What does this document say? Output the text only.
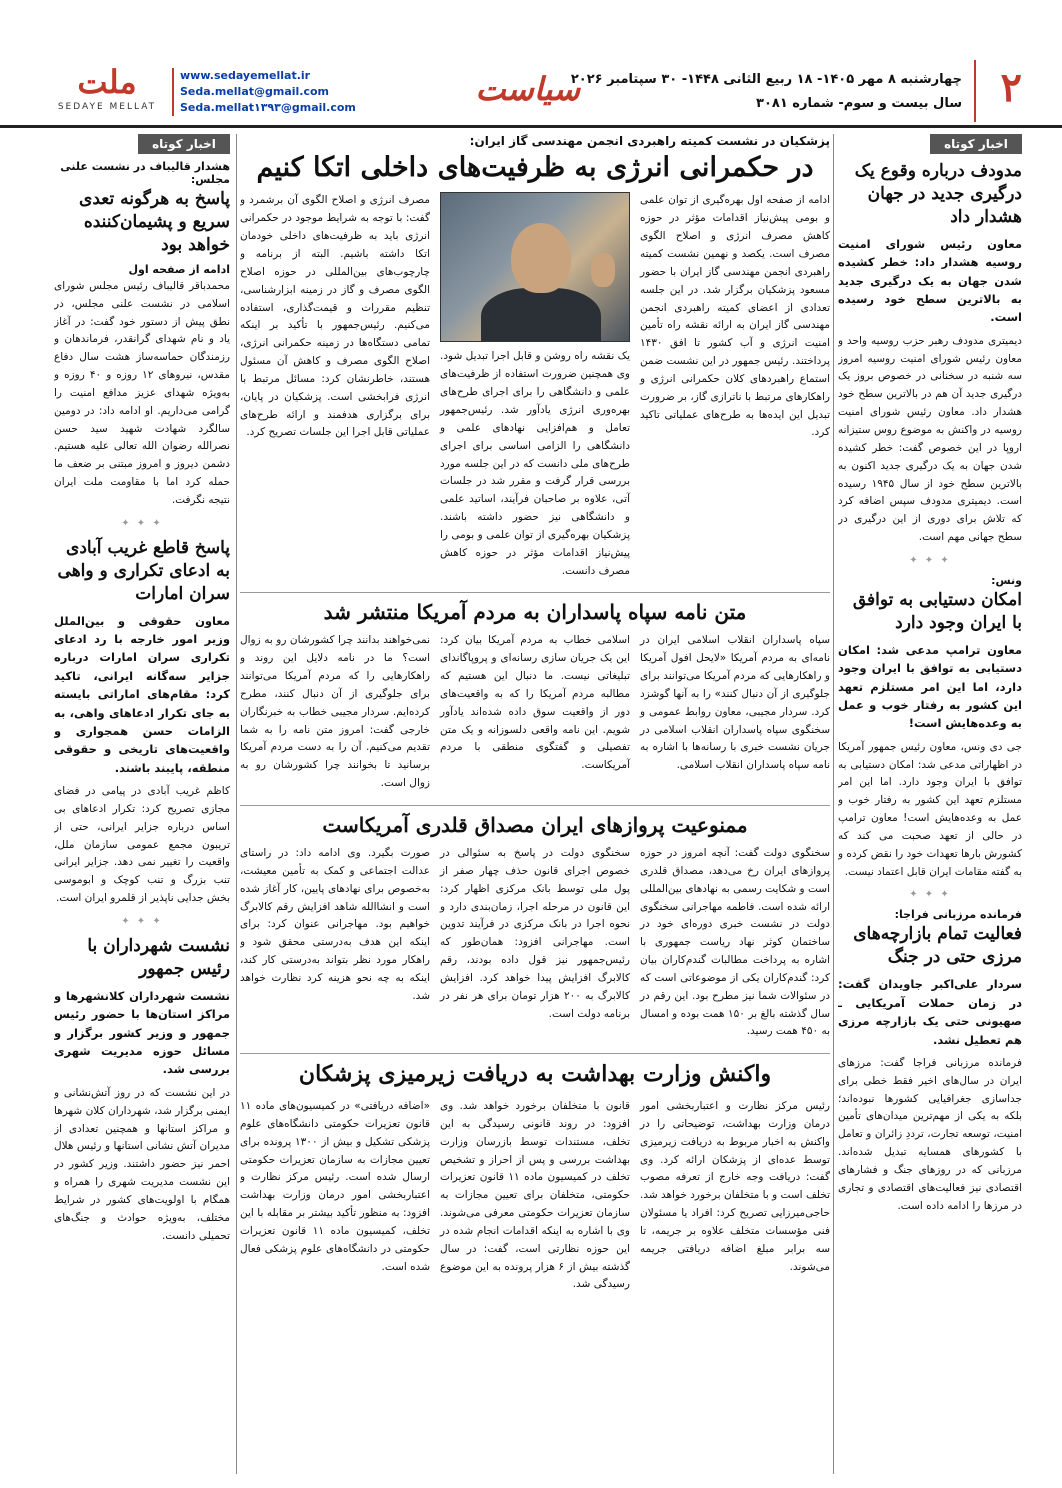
۲
چهارشنبه ۸ مهر ۱۴۰۵- ۱۸ ربیع الثانی ۱۴۴۸- ۳۰ سپتامبر ۲۰۲۶
سال بیست و سوم- شماره ۳۰۸۱
سیاست
www.sedayemellat.ir
Seda.mellat@gmail.com
Seda.mellat۱۳۹۳@gmail.com
ملت
SEDAYE MELLAT
اخبار کوتاه
مدودف درباره وقوع یک درگیری جدید در جهان هشدار داد

معاون رئیس شورای امنیت روسیه هشدار داد: خطر کشیده شدن جهان به یک درگیری جدید به بالاترین سطح خود رسیده است.

دیمیتری مدودف رهبر حزب روسیه واحد و معاون رئیس شورای امنیت روسیه امروز سه شنبه در سخنانی در خصوص بروز یک درگیری جدید آن هم در بالاترین سطح خود هشدار داد. معاون رئیس شورای امنیت روسیه در واکنش به موضوع روس ستیزانه اروپا در این خصوص گفت: خطر کشیده شدن جهان به یک درگیری جدید اکنون به بالاترین سطح خود از سال ۱۹۴۵ رسیده است. دیمیتری مدودف سپس اضافه کرد که تلاش برای دوری از این درگیری در سطح جهانی مهم است.

✦ ✦ ✦
ونس:
امکان دستیابی به توافق با ایران وجود دارد

معاون ترامپ مدعی شد: امکان دستیابی به توافق با ایران وجود دارد، اما این امر مستلزم تعهد این کشور به رفتار خوب و عمل به وعده‌هایش است!

جی دی ونس، معاون رئیس جمهور آمریکا در اظهاراتی مدعی شد: امکان دستیابی به توافق با ایران وجود دارد. اما این امر مستلزم تعهد این کشور به رفتار خوب و عمل به وعده‌هایش است! معاون ترامپ در حالی از تعهد صحبت می کند که کشورش بارها تعهدات خود را نقض کرده و به گفته مقامات ایران قابل اعتماد نیست.

✦ ✦ ✦
فرمانده مرزبانی فراجا:
فعالیت تمام بازارچه‌های مرزی حتی در جنگ

سردار علی‌اکبر جاویدان گفت: در زمان حملات آمریکایی ـ صهیونی حتی یک بازارچه مرزی هم تعطیل نشد.

فرمانده مرزبانی فراجا گفت: مرزهای ایران در سال‌های اخیر فقط خطی برای جداسازی جغرافیایی کشورها نبوده‌اند؛ بلکه به یکی از مهم‌ترین میدان‌های تأمین امنیت، توسعه تجارت، ترددِ زائران و تعامل با کشورهای همسایه تبدیل شده‌اند. مرزبانی که در روزهای جنگ و فشارهای اقتصادی نیز فعالیت‌های اقتصادی و تجاری در مرزها را ادامه داده است.

اخبار کوتاه
هشدار قالیباف در نشست علنی مجلس:
پاسخ به هرگونه تعدی سریع و پشیمان‌کننده خواهد بود

ادامه از صفحه اول

محمدباقر قالیباف رئیس مجلس شورای اسلامی در نشست علنی مجلس، در نطق پیش از دستور خود گفت: در آغاز یاد و نام شهدای گرانقدر، فرماندهان و رزمندگان حماسه‌ساز هشت سال دفاع مقدس، نیروهای ۱۲ روزه و ۴۰ روزه و به‌ویژه شهدای عزیز مدافع امنیت را گرامی می‌داریم. او ادامه داد: در دومین سالگرد شهادت شهید سید حسن نصرالله رضوان الله تعالی علیه هستیم. دشمن دیروز و امروز مبتنی بر ضعف ما حمله کرد اما با مقاومت ملت ایران نتیجه نگرفت.

✦ ✦ ✦
پاسخ قاطع غریب آبادی به ادعای تکراری و واهی سران امارات

معاون حقوقی و بین‌الملل وزیر امور خارجه با رد ادعای تکراری سران امارات درباره جزایر سه‌گانه ایرانی، تاکید کرد: مقام‌های اماراتی بایسته به جای تکرار ادعاهای واهی، به الزامات حسن همجواری و واقعیت‌های تاریخی و حقوقی منطقه، پایبند باشند.

کاظم غریب آبادی در پیامی در فضای مجازی تصریح کرد: تکرار ادعاهای بی اساس درباره جزایر ایرانی، حتی از تریبون مجمع عمومی سازمان ملل، واقعیت را تغییر نمی دهد. جزایر ایرانی تنب بزرگ و تنب کوچک و ابوموسی بخش جدایی ناپذیر از قلمرو ایران است.

✦ ✦ ✦
نشست شهرداران با رئیس جمهور

نشست شهرداران کلانشهرها و مراکز استان‌ها با حضور رئیس جمهور و وزیر کشور برگزار و مسائل حوزه مدیریت شهری بررسی شد.

در این نشست که در روز آتش‌نشانی و ایمنی برگزار شد، شهرداران کلان شهرها و مراکز استانها و همچنین تعدادی از مدیران آتش نشانی استانها و رئیس هلال احمر نیز حضور داشتند. وزیر کشور در این نشست مدیریت شهری را همراه و همگام با اولویت‌های کشور در شرایط مختلف، به‌ویژه حوادث و جنگ‌های تحمیلی دانست.

پزشکیان در نشست کمیته راهبردی انجمن مهندسی گاز ایران:
در حکمرانی انرژی به ظرفیت‌های داخلی اتکا کنیم

ادامه از صفحه اول بهره‌گیری از توان علمی و بومی پیش‌نیاز اقدامات مؤثر در حوزه کاهش مصرف انرژی و اصلاح الگوی مصرف است. یکصد و نهمین نشست کمیته راهبردی انجمن مهندسی گاز ایران با حضور مسعود پزشکیان برگزار شد. در این جلسه تعدادی از اعضای کمیته راهبردی انجمن مهندسی گاز ایران به ارائه نقشه راه تأمین امنیت انرژی و آب کشور تا افق ۱۴۳۰ پرداختند. رئیس جمهور در این نشست ضمن استماع راهبردهای کلان حکمرانی انرژی و راهکارهای مرتبط با ناترازی گاز، بر ضرورت تبدیل این ایده‌ها به طرح‌های عملیاتی تاکید کرد.

یک نقشه راه روشن و قابل اجرا تبدیل شود. وی همچنین ضرورت استفاده از ظرفیت‌های علمی و دانشگاهی را برای اجرای طرح‌های بهره‌وری انرژی یادآور شد. رئیس‌جمهور تعامل و هم‌افزایی نهادهای علمی و دانشگاهی را الزامی اساسی برای اجرای طرح‌های ملی دانست که در این جلسه مورد بررسی قرار گرفت و مقرر شد در جلسات آتی، علاوه بر صاحبان فرآیند، اساتید علمی و دانشگاهی نیز حضور داشته باشند. پزشکیان بهره‌گیری از توان علمی و بومی را پیش‌نیاز اقدامات مؤثر در حوزه کاهش مصرف دانست.

مصرف انرژی و اصلاح الگوی آن برشمرد و گفت: با توجه به شرایط موجود در حکمرانی انرژی باید به ظرفیت‌های داخلی خودمان اتکا داشته باشیم. البته از برنامه و چارچوب‌های بین‌المللی در حوزه اصلاح الگوی مصرف و گاز در زمینه ابزارشناسی، تنظیم مقررات و قیمت‌گذاری، استفاده می‌کنیم. رئیس‌جمهور با تأکید بر اینکه تمامی دستگاه‌ها در زمینه حکمرانی انرژی، اصلاح الگوی مصرف و کاهش آن مسئول هستند، خاطرنشان کرد: مسائل مرتبط با انرژی فرابخشی است. پزشکیان در پایان، برای برگزاری هدفمند و ارائه طرح‌های عملیاتی قابل اجرا این جلسات تصریح کرد.

متن نامه سپاه پاسداران به مردم آمریکا منتشر شد

سپاه پاسداران انقلاب اسلامی ایران در نامه‌ای به مردم آمریکا «لایحل افول آمریکا و راهکارهایی که مردم آمریکا می‌توانند برای جلوگیری از آن دنبال کنند» را به آنها گوشزد کرد. سردار مجیبی، معاون روابط عمومی و سخنگوی سپاه پاسداران انقلاب اسلامی در جریان نشست خبری با رسانه‌ها با اشاره به نامه سپاه پاسداران انقلاب اسلامی.

اسلامی خطاب به مردم آمریکا بیان کرد: این یک جریان سازی رسانه‌ای و پروپاگاندای تبلیغاتی نیست. ما دنبال این هستیم که مطالبه مردم آمریکا را که به واقعیت‌های دور از واقعیت سوق داده شده‌اند یادآور شویم. این نامه واقعی دلسوزانه و یک متن تفصیلی و گفتگوی منطقی با مردم آمریکاست.

نمی‌خواهند بدانند چرا کشورشان رو به زوال است؟ ما در نامه دلایل این روند و راهکارهایی را که مردم آمریکا می‌توانند برای جلوگیری از آن دنبال کنند، مطرح کرده‌ایم. سردار مجیبی خطاب به خبرنگاران خارجی گفت: امروز متن نامه را به شما تقدیم می‌کنیم. آن را به دست مردم آمریکا برسانید تا بخوانند چرا کشورشان رو به زوال است.

ممنوعیت پروازهای ایران مصداق قلدری آمریکاست

سخنگوی دولت گفت: آنچه امروز در حوزه پروازهای ایران رخ می‌دهد، مصداق قلدری است و شکایت رسمی به نهادهای بین‌المللی ارائه شده است. فاطمه مهاجرانی سخنگوی دولت در نشست خبری دوره‌ای خود در ساختمان کوثر نهاد ریاست جمهوری با اشاره به پرداخت مطالبات گندم‌کاران بیان کرد: گندم‌کاران یکی از موضوعاتی است که در سئوالات شما نیز مطرح بود. این رقم در سال گذشته بالغ بر ۱۵۰ همت بوده و امسال به ۴۵۰ همت رسید.

سخنگوی دولت در پاسخ به سئوالی در خصوص اجرای قانون حذف چهار صفر از پول ملی توسط بانک مرکزی اظهار کرد: این قانون در مرحله اجرا، زمان‌بندی دارد و نحوه اجرا در بانک مرکزی در فرآیند تدوین است. مهاجرانی افزود: همان‌طور که رئیس‌جمهور نیز قول داده بودند، رقم کالابرگ افزایش پیدا خواهد کرد. افزایش کالابرگ به ۲۰۰ هزار تومان برای هر نفر در برنامه دولت است.

صورت بگیرد. وی ادامه داد: در راستای عدالت اجتماعی و کمک به تأمین معیشت، به‌خصوص برای نهادهای پایین، کار آغاز شده است و انشاالله شاهد افزایش رقم کالابرگ خواهیم بود. مهاجرانی عنوان کرد: برای اینکه این هدف به‌درستی محقق شود و راهکار مورد نظر بتواند به‌درستی کار کند، اینکه به چه نحو هزینه کرد نظارت خواهد شد.

واکنش وزارت بهداشت به دریافت زیرمیزی پزشکان

رئیس مرکز نظارت و اعتباربخشی امور درمان وزارت بهداشت، توضیحاتی را در واکنش به اخبار مربوط به دریافت زیرمیزی توسط عده‌ای از پزشکان ارائه کرد. وی گفت: دریافت وجه خارج از تعرفه مصوب تخلف است و با متخلفان برخورد خواهد شد. حاجی‌میرزایی تصریح کرد: افراد یا مسئولان فنی مؤسسات متخلف علاوه بر جریمه، تا سه برابر مبلغ اضافه دریافتی جریمه می‌شوند.

قانون با متخلفان برخورد خواهد شد. وی افزود: در روند قانونی رسیدگی به این تخلف، مستندات توسط بازرسان وزارت بهداشت بررسی و پس از احراز و تشخیص تخلف در کمیسیون ماده ۱۱ قانون تعزیرات حکومتی، متخلفان برای تعیین مجازات به سازمان تعزیرات حکومتی معرفی می‌شوند. وی با اشاره به اینکه اقدامات انجام شده در این حوزه نظارتی است، گفت: در سال گذشته بیش از ۶ هزار پرونده به این موضوع رسیدگی شد.

«اضافه دریافتی» در کمیسیون‌های ماده ۱۱ قانون تعزیرات حکومتی دانشگاه‌های علوم پزشکی تشکیل و بیش از ۱۳۰۰ پرونده برای تعیین مجازات به سازمان تعزیرات حکومتی ارسال شده است. رئیس مرکز نظارت و اعتباربخشی امور درمان وزارت بهداشت افزود: به منظور تأکید بیشتر بر مقابله با این تخلف، کمیسیون ماده ۱۱ قانون تعزیرات حکومتی در دانشگاه‌های علوم پزشکی فعال شده است.
